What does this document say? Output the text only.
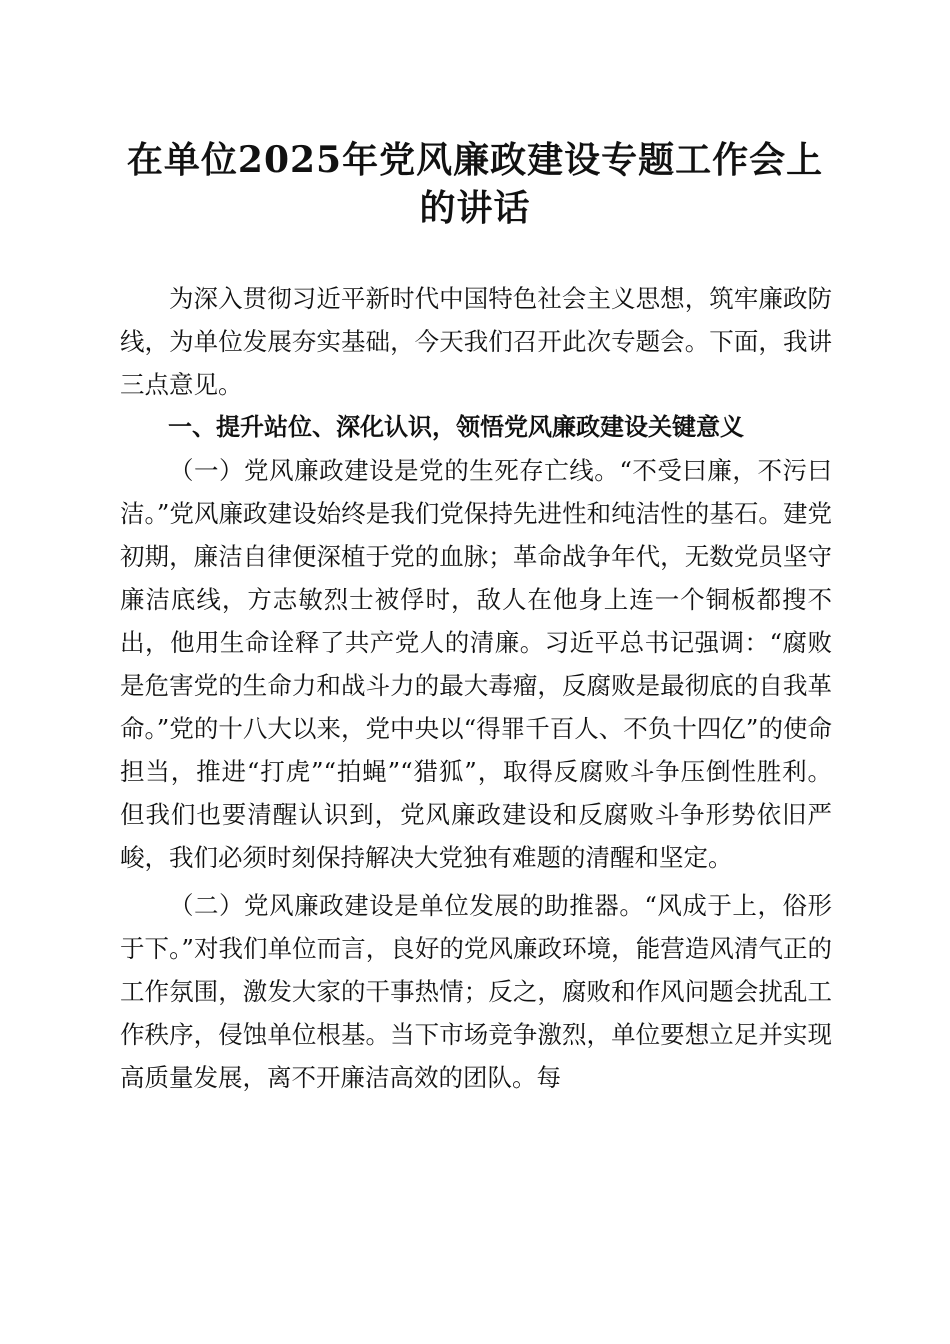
在单位2025年党风廉政建设专题工作会上的讲话

为深入贯彻习近平新时代中国特色社会主义思想，筑牢廉政防线，为单位发展夯实基础，今天我们召开此次专题会。下面，我讲三点意见。

一、提升站位、深化认识，领悟党风廉政建设关键意义

（一）党风廉政建设是党的生死存亡线。“不受曰廉，不污曰洁。”党风廉政建设始终是我们党保持先进性和纯洁性的基石。建党初期，廉洁自律便深植于党的血脉；革命战争年代，无数党员坚守廉洁底线，方志敏烈士被俘时，敌人在他身上连一个铜板都搜不出，他用生命诠释了共产党人的清廉。习近平总书记强调：“腐败是危害党的生命力和战斗力的最大毒瘤，反腐败是最彻底的自我革命。”党的十八大以来，党中央以“得罪千百人、不负十四亿”的使命担当，推进“打虎”“拍蝇”“猎狐”，取得反腐败斗争压倒性胜利。但我们也要清醒认识到，党风廉政建设和反腐败斗争形势依旧严峻，我们必须时刻保持解决大党独有难题的清醒和坚定。

（二）党风廉政建设是单位发展的助推器。“风成于上，俗形于下。”对我们单位而言，良好的党风廉政环境，能营造风清气正的工作氛围，激发大家的干事热情；反之，腐败和作风问题会扰乱工作秩序，侵蚀单位根基。当下市场竞争激烈，单位要想立足并实现高质量发展，离不开廉洁高效的团队。每
